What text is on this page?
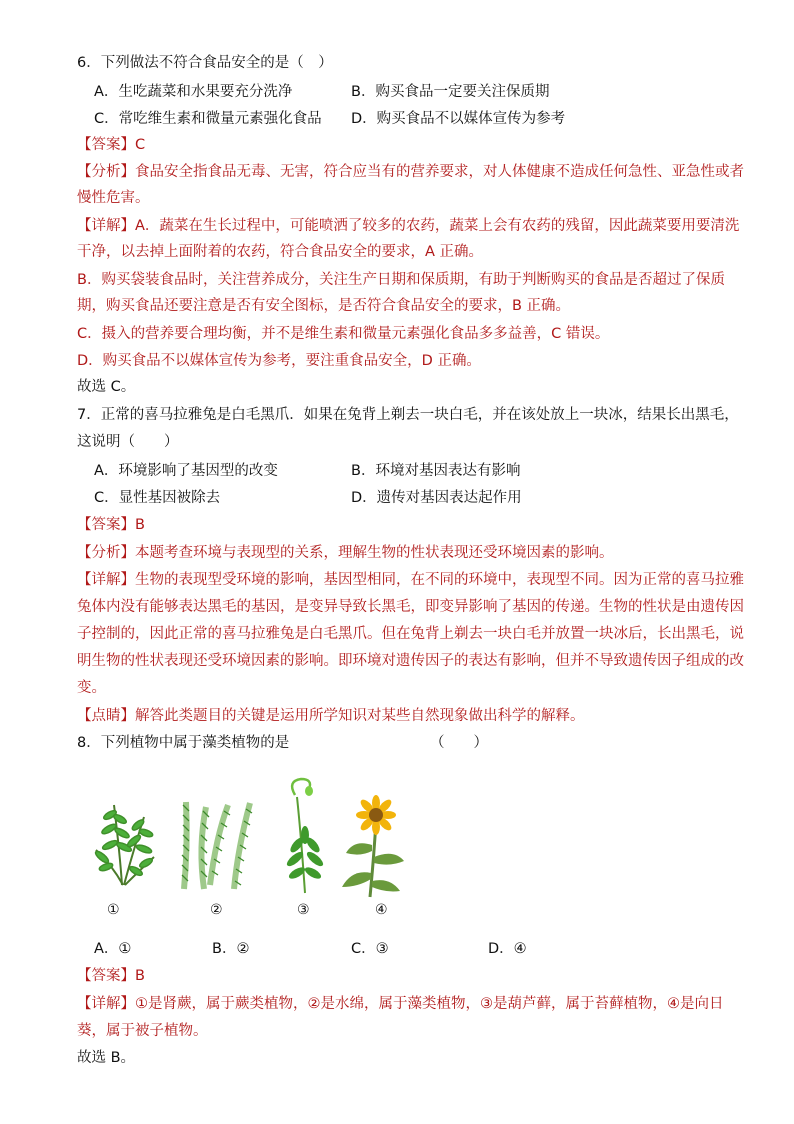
6．下列做法不符合食品安全的是（　）
A．生吃蔬菜和水果要充分洗净	B．购买食品一定要关注保质期
C．常吃维生素和微量元素强化食品 D．购买食品不以媒体宣传为参考
【答案】C
【分析】食品安全指食品无毒、无害，符合应当有的营养要求，对人体健康不造成任何急性、亚急性或者
慢性危害。
【详解】A．蔬菜在生长过程中，可能喷洒了较多的农药，蔬菜上会有农药的残留，因此蔬菜要用要清洗
干净，以去掉上面附着的农药，符合食品安全的要求，A 正确。
B．购买袋装食品时，关注营养成分，关注生产日期和保质期，有助于判断购买的食品是否超过了保质
期，购买食品还要注意是否有安全图标，是否符合食品安全的要求，B 正确。
C．摄入的营养要合理均衡，并不是维生素和微量元素强化食品多多益善，C 错误。
D．购买食品不以媒体宣传为参考，要注重食品安全，D 正确。
故选 C。
7．正常的喜马拉雅兔是白毛黑爪．如果在兔背上剃去一块白毛，并在该处放上一块冰，结果长出黑毛，
这说明（　　）
A．环境影响了基因型的改变	B．环境对基因表达有影响
C．显性基因被除去	D．遗传对基因表达起作用
【答案】B
【分析】本题考查环境与表现型的关系，理解生物的性状表现还受环境因素的影响。
【详解】生物的表现型受环境的影响，基因型相同，在不同的环境中，表现型不同。因为正常的喜马拉雅
兔体内没有能够表达黑毛的基因，是变异导致长黑毛，即变异影响了基因的传递。生物的性状是由遗传因
子控制的，因此正常的喜马拉雅兔是白毛黑爪。但在兔背上剃去一块白毛并放置一块冰后，长出黑毛，说
明生物的性状表现还受环境因素的影响。即环境对遗传因子的表达有影响，但并不导致遗传因子组成的改
变。
【点睛】解答此类题目的关键是运用所学知识对某些自然现象做出科学的解释。
8．下列植物中属于藻类植物的是	（　　）
①	②	③	④
A．①	B．②	C．③	D．④
【答案】B
【详解】①是肾蕨，属于蕨类植物，②是水绵，属于藻类植物，③是葫芦藓，属于苔藓植物，④是向日
葵，属于被子植物。
故选 B。
